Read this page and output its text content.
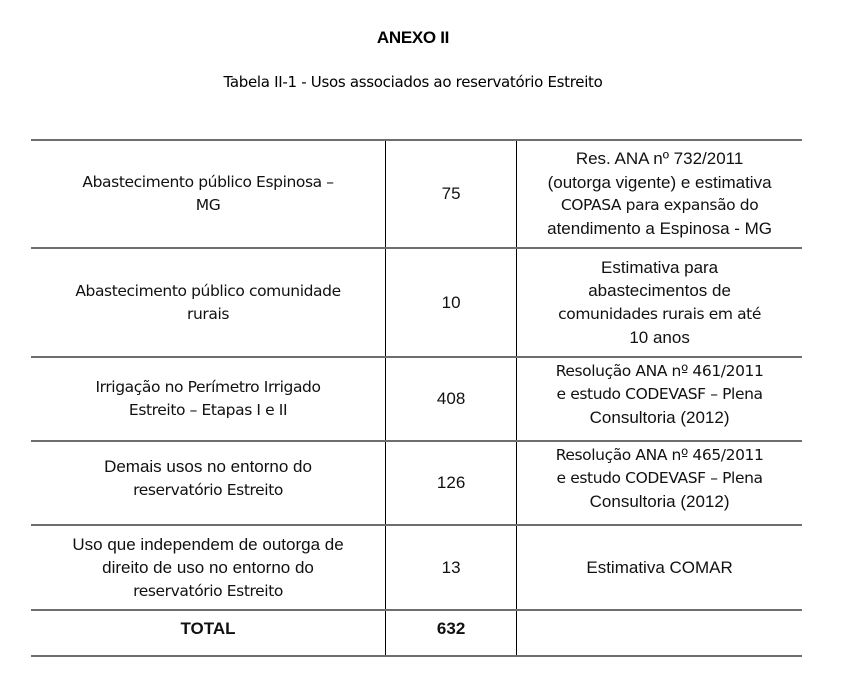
ANEXO II
Tabela II-1 - Usos associados ao reservatório Estreito
Abastecimento público Espinosa –
MG	75	Res. ANA nº 732/2011
(outorga vigente) e estimativa
COPASA para expansão do
atendimento a Espinosa - MG

Abastecimento público comunidade
rurais	10	Estimativa para
abastecimentos de
comunidades rurais em até
10 anos

Irrigação no Perímetro Irrigado
Estreito – Etapas I e II	408	Resolução ANA nº 461/2011
e estudo CODEVASF – Plena
Consultoria (2012)

Demais usos no entorno do
reservatório Estreito	126	Resolução ANA nº 465/2011
e estudo CODEVASF – Plena
Consultoria (2012)

Uso que independem de outorga de
direito de uso no entorno do
reservatório Estreito	13	Estimativa COMAR

TOTAL	632	
